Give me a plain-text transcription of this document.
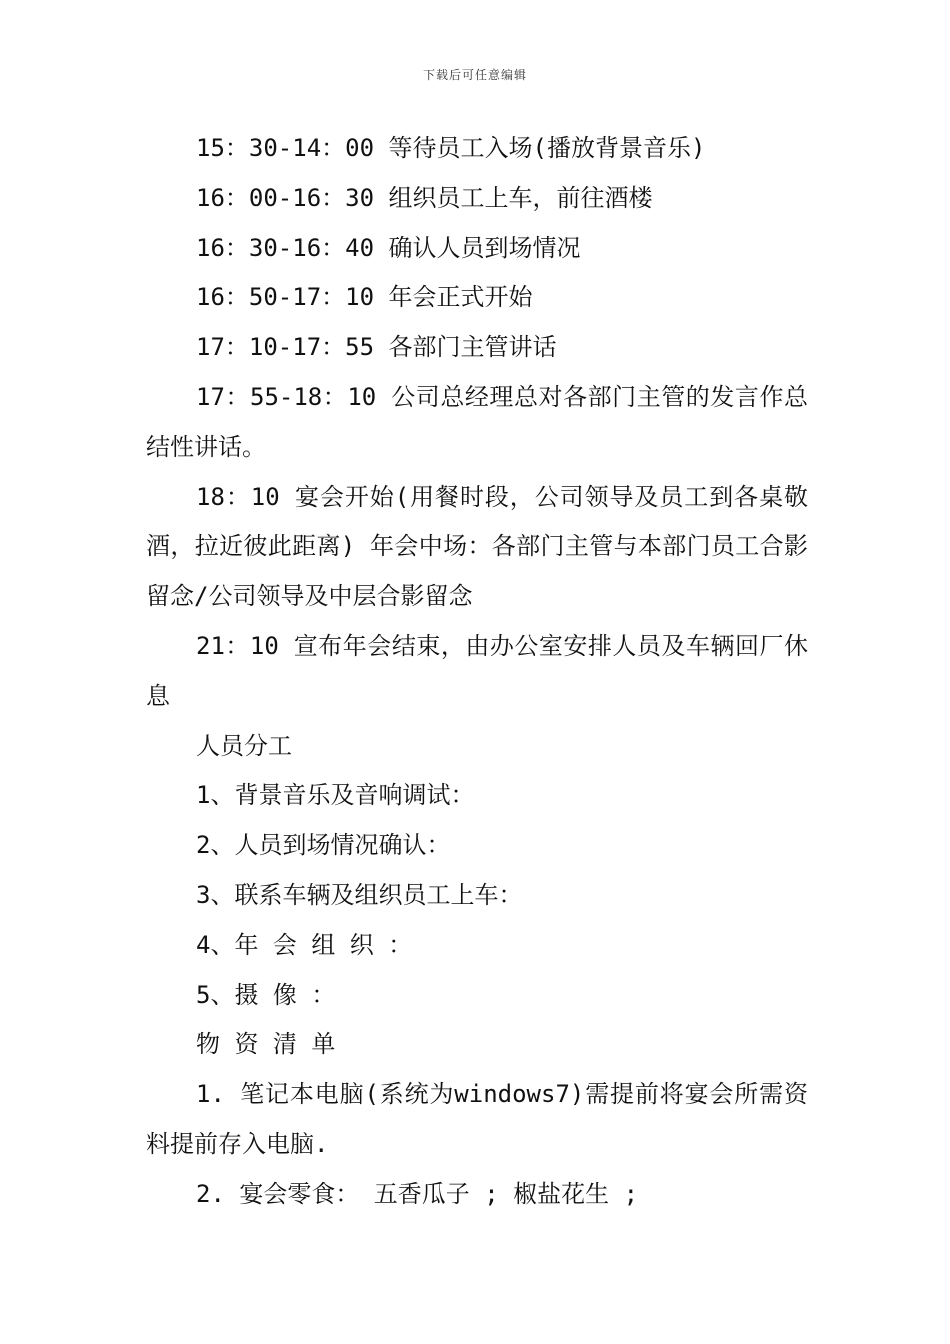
下载后可任意编辑

15：30-14：00 等待员工入场(播放背景音乐)

16：00-16：30 组织员工上车，前往酒楼

16：30-16：40 确认人员到场情况

16：50-17：10 年会正式开始

17：10-17：55 各部门主管讲话

17：55-18：10 公司总经理总对各部门主管的发言作总结性讲话。

18：10 宴会开始(用餐时段，公司领导及员工到各桌敬酒，拉近彼此距离) 年会中场：各部门主管与本部门员工合影留念/公司领导及中层合影留念

21：10 宣布年会结束，由办公室安排人员及车辆回厂休息

人员分工

1、背景音乐及音响调试：

2、人员到场情况确认：

3、联系车辆及组织员工上车：

4、年 会 组 织 ：

5、摄 像 ：

物 资 清 单

1. 笔记本电脑(系统为windows7)需提前将宴会所需资料提前存入电脑.

2. 宴会零食： 五香瓜子 ; 椒盐花生 ;
